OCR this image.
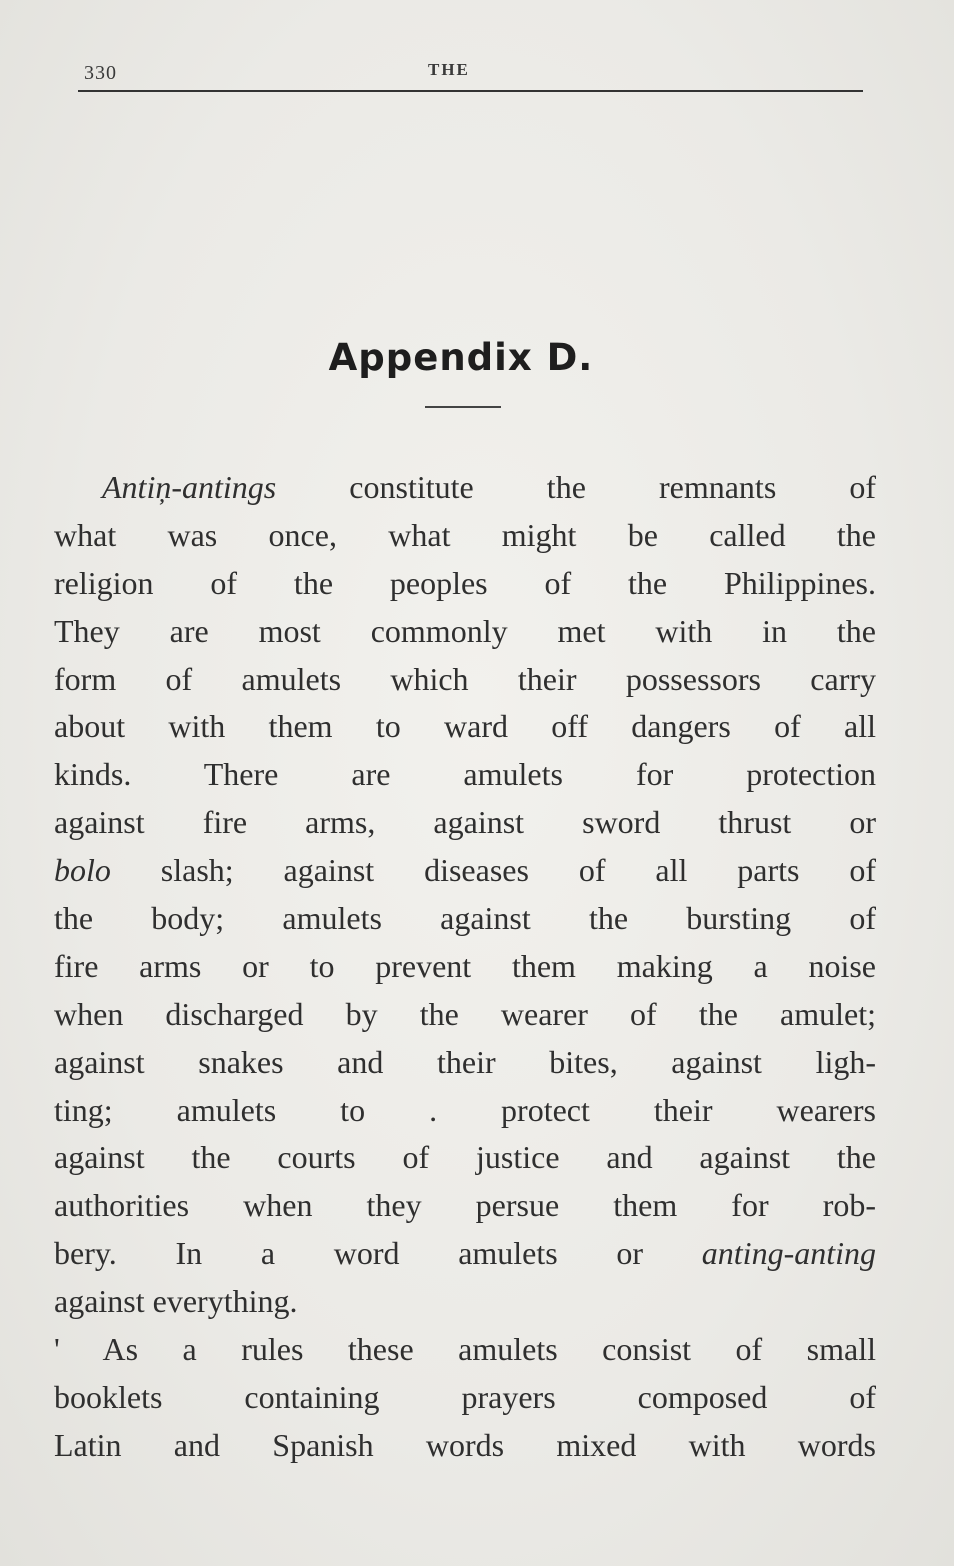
330	THE
Appendix D.
Antiņ-antings constitute the remnants of
what was once, what might be called the
religion of the peoples of the Philippines.
They are most commonly met with in the
form of amulets which their possessors carry
about with them to ward off dangers of all
kinds. There are amulets for protection
against fire arms, against sword thrust or
bolo slash; against diseases of all parts of
the body; amulets against the bursting of
fire arms or to prevent them making a noise
when discharged by the wearer of the amulet;
against snakes and their bites, against ligh-
ting; amulets to . protect their wearers
against the courts of justice and against the
authorities when they persue them for rob-
bery. In a word amulets or anting-anting
against everything.
' As a rules these amulets consist of small
booklets containing prayers composed of
Latin and Spanish words mixed with words
